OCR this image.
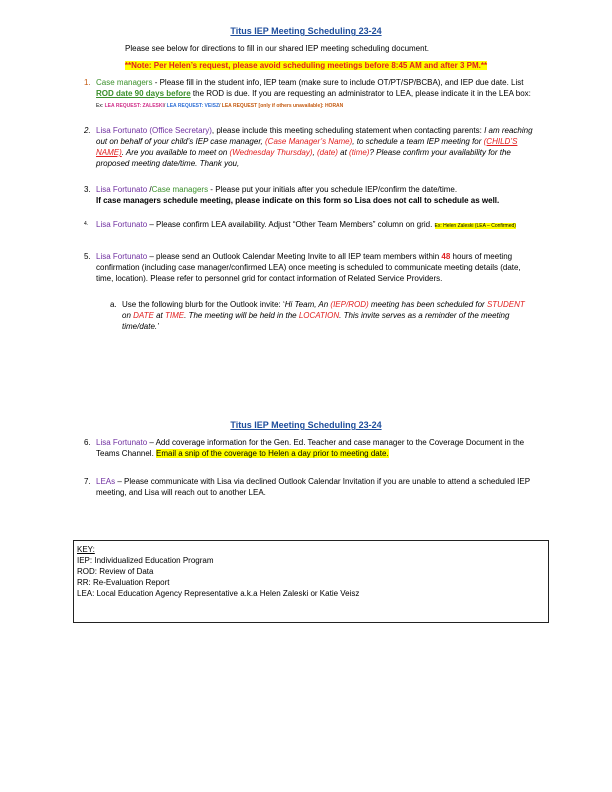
Titus IEP Meeting Scheduling 23-24
Please see below for directions to fill in our shared IEP meeting scheduling document.
**Note: Per Helen’s request, please avoid scheduling meetings before 8:45 AM and after 3 PM.**
1. Case managers - Please fill in the student info, IEP team (make sure to include OT/PT/SP/BCBA), and IEP due date. List ROD date 90 days before the ROD is due. If you are requesting an administrator to LEA, please indicate it in the LEA box: Ex: LEA REQUEST: ZALESKI/ LEA REQUEST: VEISZ/ LEA REQUEST [only if others unavailable]: HORAN
2. Lisa Fortunato (Office Secretary), please include this meeting scheduling statement when contacting parents: I am reaching out on behalf of your child’s IEP case manager, (Case Manager’s Name), to schedule a team IEP meeting for (CHILD’S NAME). Are you available to meet on (Wednesday Thursday), (date) at (time)? Please confirm your availability for the proposed meeting date/time. Thank you,
3. Lisa Fortunato /Case managers - Please put your initials after you schedule IEP/confirm the date/time.
If case managers schedule meeting, please indicate on this form so Lisa does not call to schedule as well.
4. Lisa Fortunato – Please confirm LEA availability. Adjust “Other Team Members” column on grid. Ex: Helen Zaleski (LEA – Confirmed)
5. Lisa Fortunato – please send an Outlook Calendar Meeting Invite to all IEP team members within 48 hours of meeting confirmation (including case manager/confirmed LEA) once meeting is scheduled to communicate meeting details (date, time, location). Please refer to personnel grid for contact information of Related Service Providers.
a. Use the following blurb for the Outlook invite: ‘Hi Team, An (IEP/ROD) meeting has been scheduled for STUDENT on DATE at TIME. The meeting will be held in the LOCATION. This invite serves as a reminder of the meeting time/date.’
Titus IEP Meeting Scheduling 23-24
6. Lisa Fortunato – Add coverage information for the Gen. Ed. Teacher and case manager to the Coverage Document in the Teams Channel. Email a snip of the coverage to Helen a day prior to meeting date.
7. LEAs – Please communicate with Lisa via declined Outlook Calendar Invitation if you are unable to attend a scheduled IEP meeting, and Lisa will reach out to another LEA.
KEY:
IEP: Individualized Education Program
ROD: Review of Data
RR: Re-Evaluation Report
LEA: Local Education Agency Representative a.k.a Helen Zaleski or Katie Veisz
